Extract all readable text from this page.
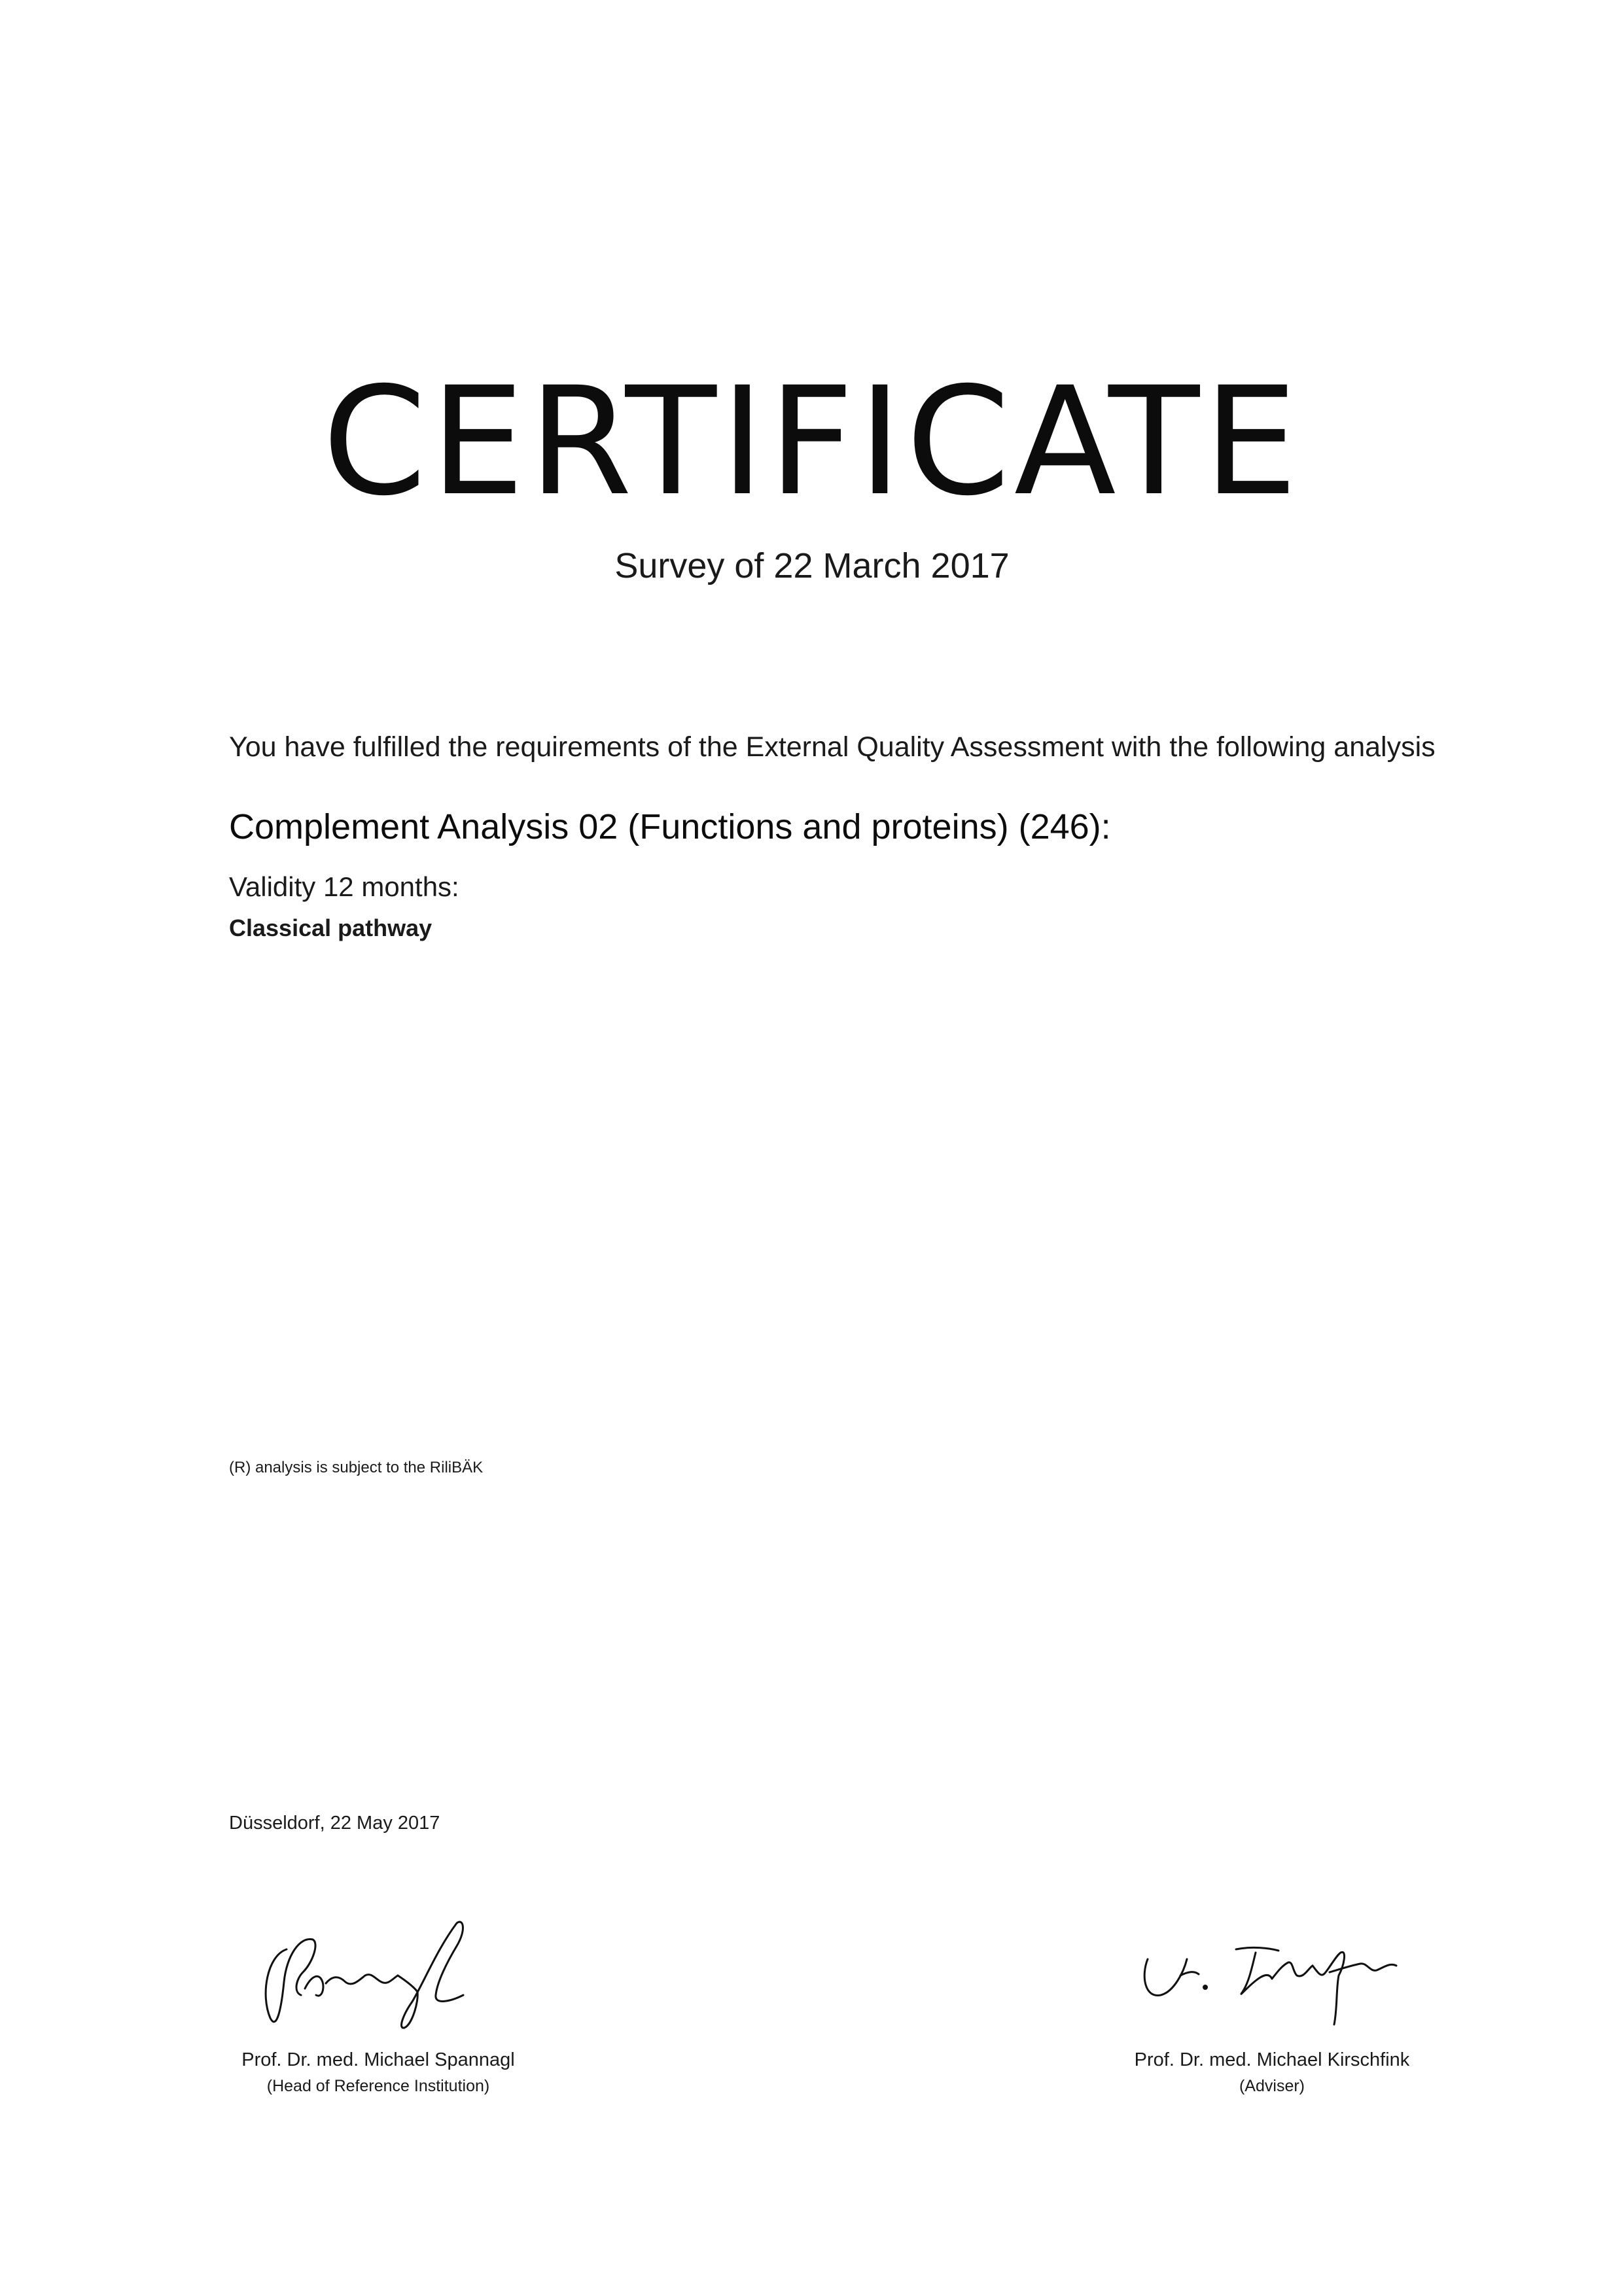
CERTIFICATE
Survey of 22 March 2017
You have fulfilled the requirements of the External Quality Assessment with the following analysis
Complement Analysis 02 (Functions and proteins) (246):
Validity 12 months:
Classical pathway
(R) analysis is subject to the RiliBÄK
Düsseldorf, 22 May 2017
Prof. Dr. med. Michael Spannagl
(Head of Reference Institution)
Prof. Dr. med. Michael Kirschfink
(Adviser)
